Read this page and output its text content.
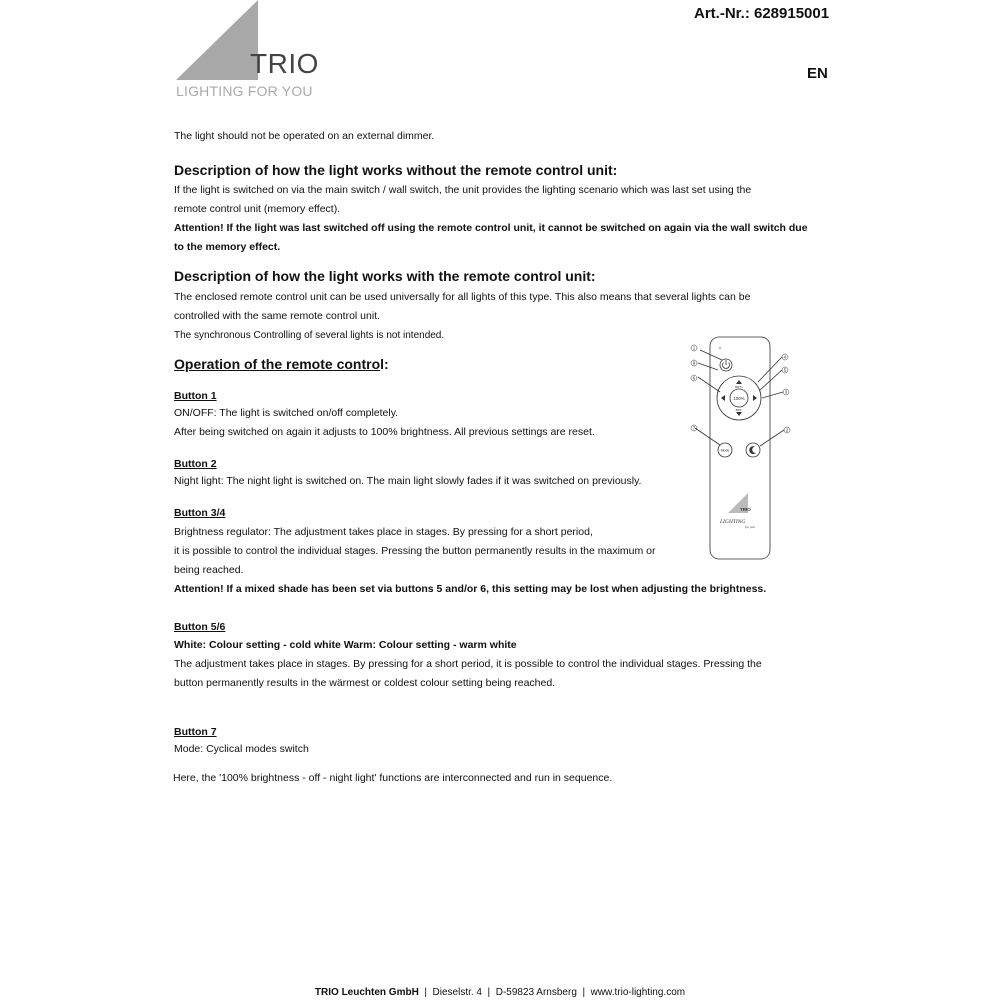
Art.-Nr.: 628915001
EN
TRIO
LIGHTING FOR YOU
The light should not be operated on an external dimmer.
Description of how the light works without the remote control unit:
If the light is switched on via the main switch / wall switch, the unit provides the lighting scenario which was last set using the
remote control unit (memory effect).
Attention! If the light was last switched off using the remote control unit, it cannot be switched on again via the wall switch due
to the memory effect.
Description of how the light works with the remote control unit:
The enclosed remote control unit can be used universally for all lights of this type. This also means that several lights can be
controlled with the same remote control unit.
The synchronous Controlling of several lights is not intended.
Operation of the remote control:
Button 1
ON/OFF: The light is switched on/off completely.
After being switched on again it adjusts to 100% brightness. All previous settings are reset.
Button 2
Night light: The night light is switched on. The main light slowly fades if it was switched on previously.
Button 3/4
Brightness regulator: The adjustment takes place in stages. By pressing for a short period,
it is possible to control the individual stages. Pressing the button permanently results in the maximum or
being reached.
Attention! If a mixed shade has been set via buttons 5 and/or 6, this setting may be lost when adjusting the brightness.
Button 5/6
White: Colour setting - cold white Warm: Colour setting - warm white
The adjustment takes place in stages. By pressing for a short period, it is possible to control the individual stages. Pressing the
button permanently results in the wärmest or coldest colour setting being reached.
Button 7
Mode: Cyclical modes switch
Here, the '100% brightness - off - night light' functions are interconnected and run in sequence.
100%
BRT+
BRT-
Mode
1
8
6
4
5
3
7	2
TRIO
LIGHTING
for you
TRIO Leuchten GmbH  |  Dieselstr. 4  |  D-59823 Arnsberg  |  www.trio-lighting.com
